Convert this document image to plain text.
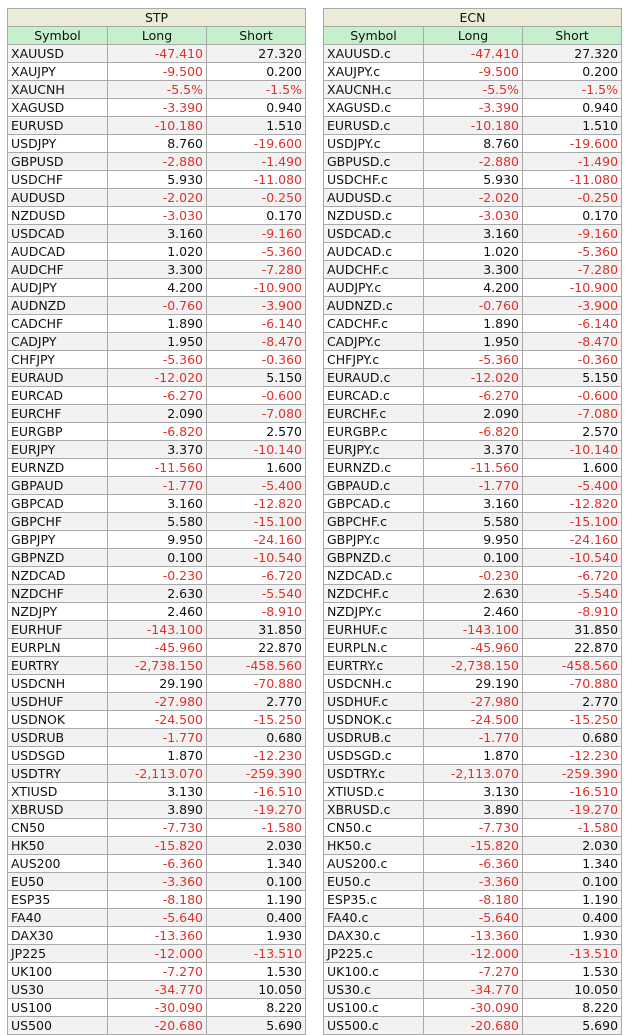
STP		
Symbol	Long	Short
XAUUSD	-47.410	27.320
XAUJPY	-9.500	0.200
XAUCNH	-5.5%	-1.5%
XAGUSD	-3.390	0.940
EURUSD	-10.180	1.510
USDJPY	8.760	-19.600
GBPUSD	-2.880	-1.490
USDCHF	5.930	-11.080
AUDUSD	-2.020	-0.250
NZDUSD	-3.030	0.170
USDCAD	3.160	-9.160
AUDCAD	1.020	-5.360
AUDCHF	3.300	-7.280
AUDJPY	4.200	-10.900
AUDNZD	-0.760	-3.900
CADCHF	1.890	-6.140
CADJPY	1.950	-8.470
CHFJPY	-5.360	-0.360
EURAUD	-12.020	5.150
EURCAD	-6.270	-0.600
EURCHF	2.090	-7.080
EURGBP	-6.820	2.570
EURJPY	3.370	-10.140
EURNZD	-11.560	1.600
GBPAUD	-1.770	-5.400
GBPCAD	3.160	-12.820
GBPCHF	5.580	-15.100
GBPJPY	9.950	-24.160
GBPNZD	0.100	-10.540
NZDCAD	-0.230	-6.720
NZDCHF	2.630	-5.540
NZDJPY	2.460	-8.910
EURHUF	-143.100	31.850
EURPLN	-45.960	22.870
EURTRY	-2,738.150	-458.560
USDCNH	29.190	-70.880
USDHUF	-27.980	2.770
USDNOK	-24.500	-15.250
USDRUB	-1.770	0.680
USDSGD	1.870	-12.230
USDTRY	-2,113.070	-259.390
XTIUSD	3.130	-16.510
XBRUSD	3.890	-19.270
CN50	-7.730	-1.580
HK50	-15.820	2.030
AUS200	-6.360	1.340
EU50	-3.360	0.100
ESP35	-8.180	1.190
FA40	-5.640	0.400
DAX30	-13.360	1.930
JP225	-12.000	-13.510
UK100	-7.270	1.530
US30	-34.770	10.050
US100	-30.090	8.220
US500	-20.680	5.690
ECN		
Symbol	Long	Short
XAUUSD.c	-47.410	27.320
XAUJPY.c	-9.500	0.200
XAUCNH.c	-5.5%	-1.5%
XAGUSD.c	-3.390	0.940
EURUSD.c	-10.180	1.510
USDJPY.c	8.760	-19.600
GBPUSD.c	-2.880	-1.490
USDCHF.c	5.930	-11.080
AUDUSD.c	-2.020	-0.250
NZDUSD.c	-3.030	0.170
USDCAD.c	3.160	-9.160
AUDCAD.c	1.020	-5.360
AUDCHF.c	3.300	-7.280
AUDJPY.c	4.200	-10.900
AUDNZD.c	-0.760	-3.900
CADCHF.c	1.890	-6.140
CADJPY.c	1.950	-8.470
CHFJPY.c	-5.360	-0.360
EURAUD.c	-12.020	5.150
EURCAD.c	-6.270	-0.600
EURCHF.c	2.090	-7.080
EURGBP.c	-6.820	2.570
EURJPY.c	3.370	-10.140
EURNZD.c	-11.560	1.600
GBPAUD.c	-1.770	-5.400
GBPCAD.c	3.160	-12.820
GBPCHF.c	5.580	-15.100
GBPJPY.c	9.950	-24.160
GBPNZD.c	0.100	-10.540
NZDCAD.c	-0.230	-6.720
NZDCHF.c	2.630	-5.540
NZDJPY.c	2.460	-8.910
EURHUF.c	-143.100	31.850
EURPLN.c	-45.960	22.870
EURTRY.c	-2,738.150	-458.560
USDCNH.c	29.190	-70.880
USDHUF.c	-27.980	2.770
USDNOK.c	-24.500	-15.250
USDRUB.c	-1.770	0.680
USDSGD.c	1.870	-12.230
USDTRY.c	-2,113.070	-259.390
XTIUSD.c	3.130	-16.510
XBRUSD.c	3.890	-19.270
CN50.c	-7.730	-1.580
HK50.c	-15.820	2.030
AUS200.c	-6.360	1.340
EU50.c	-3.360	0.100
ESP35.c	-8.180	1.190
FA40.c	-5.640	0.400
DAX30.c	-13.360	1.930
JP225.c	-12.000	-13.510
UK100.c	-7.270	1.530
US30.c	-34.770	10.050
US100.c	-30.090	8.220
US500.c	-20.680	5.690
